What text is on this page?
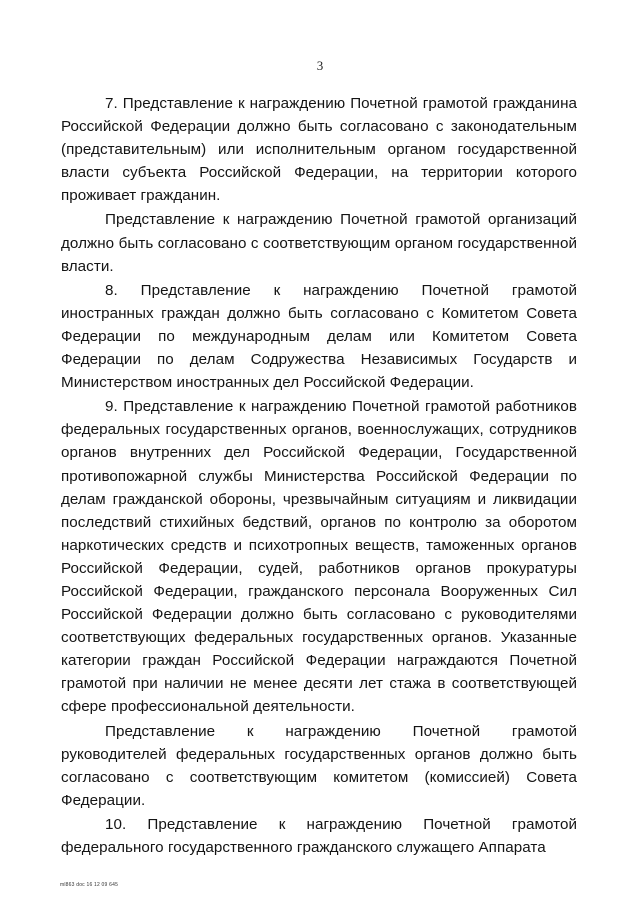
3

7. Представление к награждению Почетной грамотой гражданина Российской Федерации должно быть согласовано с законодательным (представительным) или исполнительным органом государственной власти субъекта Российской Федерации, на территории которого проживает гражданин.

Представление к награждению Почетной грамотой организаций должно быть согласовано с соответствующим органом государственной власти.

8. Представление к награждению Почетной грамотой иностранных граждан должно быть согласовано с Комитетом Совета Федерации по международным делам или Комитетом Совета Федерации по делам Содружества Независимых Государств и Министерством иностранных дел Российской Федерации.

9. Представление к награждению Почетной грамотой работников федеральных государственных органов, военнослужащих, сотрудников органов внутренних дел Российской Федерации, Государственной противопожарной службы Министерства Российской Федерации по делам гражданской обороны, чрезвычайным ситуациям и ликвидации последствий стихийных бедствий, органов по контролю за оборотом наркотических средств и психотропных веществ, таможенных органов Российской Федерации, судей, работников органов прокуратуры Российской Федерации, гражданского персонала Вооруженных Сил Российской Федерации должно быть согласовано с руководителями соответствующих федеральных государственных органов. Указанные категории граждан Российской Федерации награждаются Почетной грамотой при наличии не менее десяти лет стажа в соответствующей сфере профессиональной деятельности.

Представление к награждению Почетной грамотой руководителей федеральных государственных органов должно быть согласовано с соответствующим комитетом (комиссией) Совета Федерации.

10. Представление к награждению Почетной грамотой федерального государственного гражданского служащего Аппарата

ml863 doc 16 12 09 645
